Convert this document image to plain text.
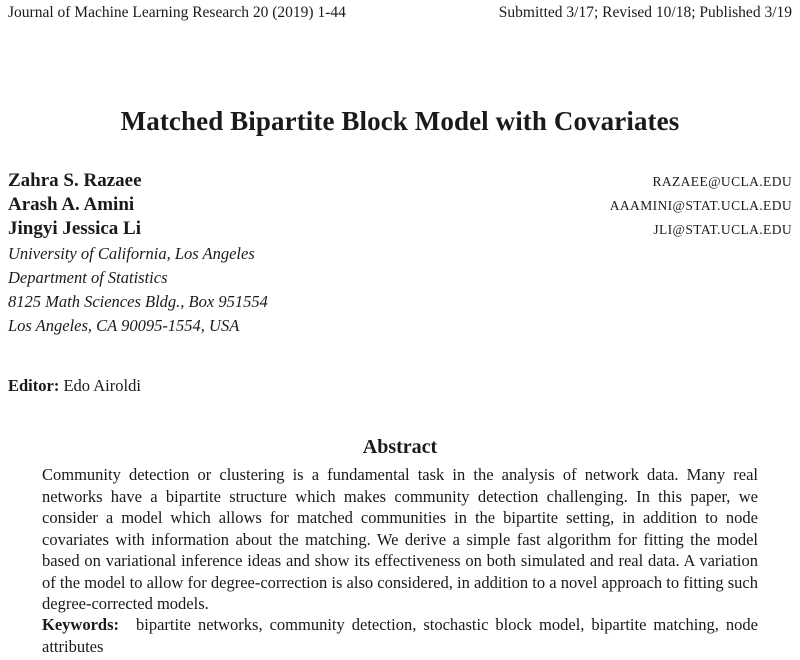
Journal of Machine Learning Research 20 (2019) 1-44	Submitted 3/17; Revised 10/18; Published 3/19
Matched Bipartite Block Model with Covariates
Zahra S. Razaee	RAZAEE@UCLA.EDU
Arash A. Amini	AAAMINI@STAT.UCLA.EDU
Jingyi Jessica Li	JLI@STAT.UCLA.EDU
University of California, Los Angeles
Department of Statistics
8125 Math Sciences Bldg., Box 951554
Los Angeles, CA 90095-1554, USA
Editor: Edo Airoldi
Abstract
Community detection or clustering is a fundamental task in the analysis of network data. Many real networks have a bipartite structure which makes community detection challenging. In this paper, we consider a model which allows for matched communities in the bipartite setting, in addition to node covariates with information about the matching. We derive a simple fast algorithm for fitting the model based on variational inference ideas and show its effectiveness on both simulated and real data. A variation of the model to allow for degree-correction is also considered, in addition to a novel approach to fitting such degree-corrected models.
Keywords: bipartite networks, community detection, stochastic block model, bipartite matching, node attributes
